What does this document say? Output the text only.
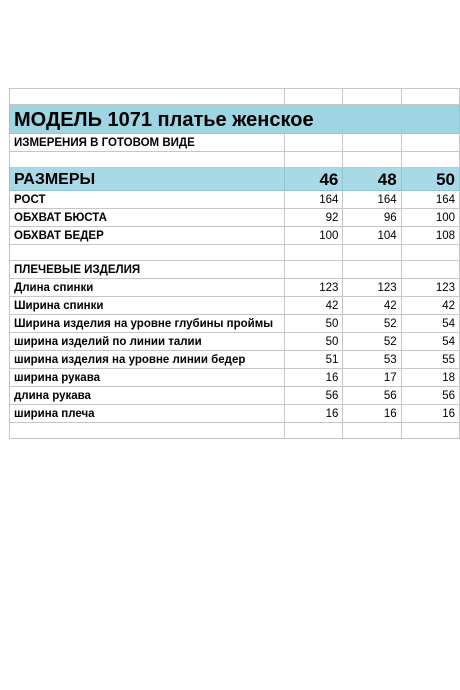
МОДЕЛЬ 1071 платье женское			
ИЗМЕРЕНИЯ В ГОТОВОМ ВИДЕ			

РАЗМЕРЫ	46	48	50
РОСТ	164	164	164
ОБХВАТ БЮСТА	92	96	100
ОБХВАТ БЕДЕР	100	104	108

ПЛЕЧЕВЫЕ ИЗДЕЛИЯ			
Длина спинки	123	123	123
Ширина спинки	42	42	42
Ширина изделия на уровне глубины проймы	50	52	54
ширина изделий по линии талии	50	52	54
ширина изделия на уровне линии бедер	51	53	55
ширина рукава	16	17	18
длина рукава	56	56	56
ширина плеча	16	16	16
